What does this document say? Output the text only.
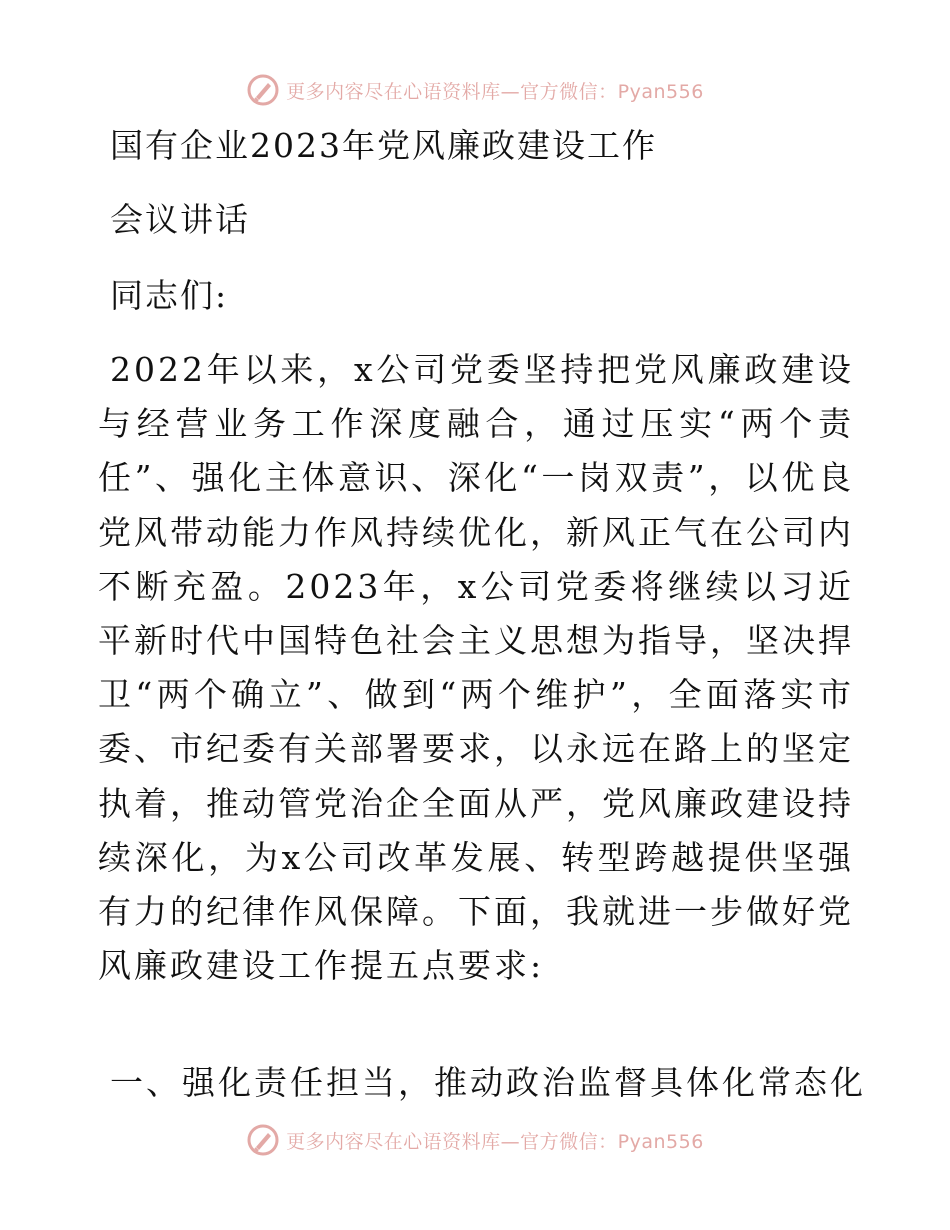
更多内容尽在心语资料库—官方微信：Pyan556
国有企业2023年党风廉政建设工作
会议讲话
同志们:
2022年以来，x公司党委坚持把党风廉政建设与经营业务工作深度融合，通过压实“两个责任”、强化主体意识、深化“一岗双责”，以优良党风带动能力作风持续优化，新风正气在公司内不断充盈。2023年，x公司党委将继续以习近平新时代中国特色社会主义思想为指导，坚决捍卫“两个确立”、做到“两个维护”，全面落实市委、市纪委有关部署要求，以永远在路上的坚定执着，推动管党治企全面从严，党风廉政建设持续深化，为x公司改革发展、转型跨越提供坚强有力的纪律作风保障。下面，我就进一步做好党风廉政建设工作提五点要求:
一、强化责任担当，推动政治监督具体化常态化
更多内容尽在心语资料库—官方微信：Pyan556
